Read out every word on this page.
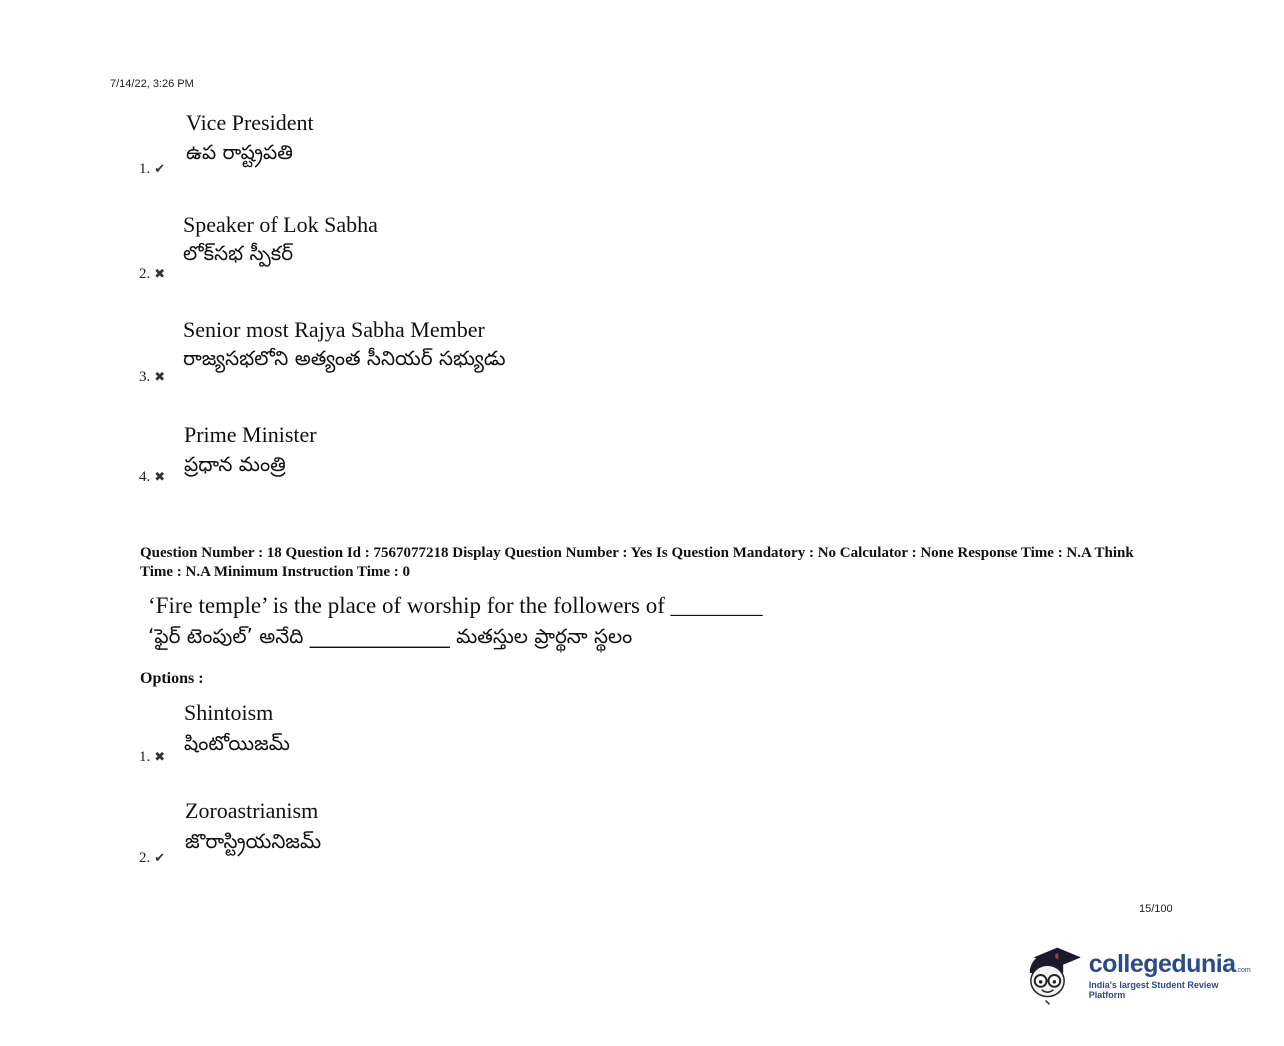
7/14/22, 3:26 PM
Vice President
ఉప రాష్ట్రపతి
1. ✔
Speaker of Lok Sabha
లోక్‌సభ స్పీకర్
2. ✖
Senior most Rajya Sabha Member
రాజ్యసభలోని అత్యంత సీనియర్ సభ్యుడు
3. ✖
Prime Minister
ప్రధాన మంత్రి
4. ✖
Question Number : 18 Question Id : 7567077218 Display Question Number : Yes Is Question Mandatory : No Calculator : None Response Time : N.A Think Time : N.A Minimum Instruction Time : 0
‘Fire temple’ is the place of worship for the followers of ________
‘ఫైర్ టెంపుల్’ అనేది ______________ మతస్తుల ప్రార్థనా స్థలం
Options :
Shintoism
షింటోయిజమ్
1. ✖
Zoroastrianism
జొరాస్ట్రియనిజమ్
2. ✔
15/100
collegedunia.com
India's largest Student Review Platform
